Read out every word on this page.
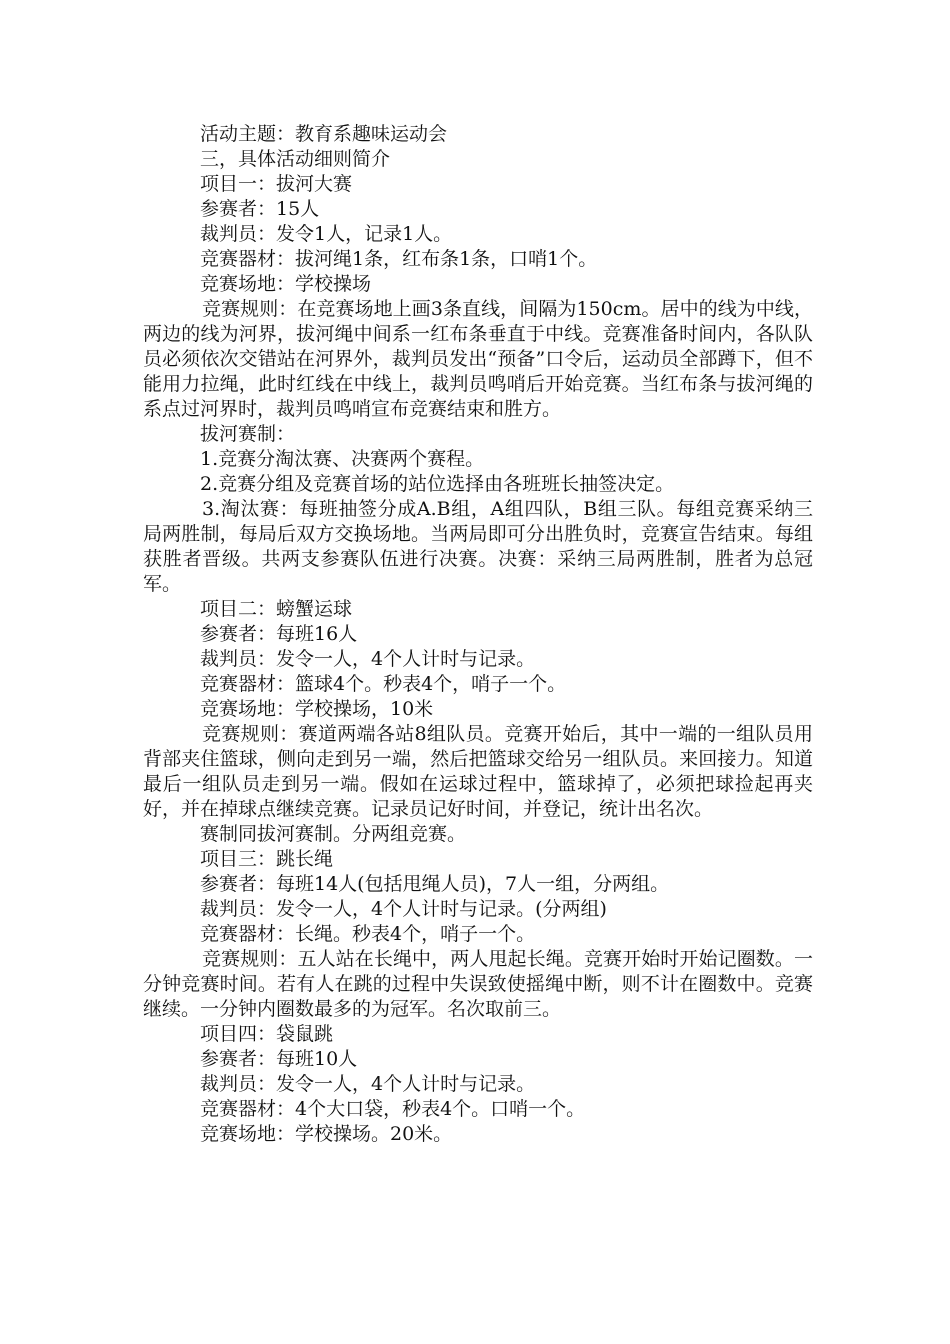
活动主题：教育系趣味运动会

三，具体活动细则简介

项目一：拔河大赛

参赛者：15人

裁判员：发令1人，记录1人。

竞赛器材：拔河绳1条，红布条1条，口哨1个。

竞赛场地：学校操场

竞赛规则：在竞赛场地上画3条直线，间隔为150cm。居中的线为中线，两边的线为河界，拔河绳中间系一红布条垂直于中线。竞赛准备时间内，各队队员必须依次交错站在河界外，裁判员发出“预备”口令后，运动员全部蹲下，但不能用力拉绳，此时红线在中线上，裁判员鸣哨后开始竞赛。当红布条与拔河绳的系点过河界时，裁判员鸣哨宣布竞赛结束和胜方。

拔河赛制：

1.竞赛分淘汰赛、决赛两个赛程。

2.竞赛分组及竞赛首场的站位选择由各班班长抽签决定。

3.淘汰赛：每班抽签分成A.B组，A组四队，B组三队。每组竞赛采纳三局两胜制，每局后双方交换场地。当两局即可分出胜负时，竞赛宣告结束。每组获胜者晋级。共两支参赛队伍进行决赛。决赛：采纳三局两胜制，胜者为总冠军。

项目二：螃蟹运球

参赛者：每班16人

裁判员：发令一人，4个人计时与记录。

竞赛器材：篮球4个。秒表4个，哨子一个。

竞赛场地：学校操场，10米

竞赛规则：赛道两端各站8组队员。竞赛开始后，其中一端的一组队员用背部夹住篮球，侧向走到另一端，然后把篮球交给另一组队员。来回接力。知道最后一组队员走到另一端。假如在运球过程中，篮球掉了，必须把球捡起再夹好，并在掉球点继续竞赛。记录员记好时间，并登记，统计出名次。

赛制同拔河赛制。分两组竞赛。

项目三：跳长绳

参赛者：每班14人(包括甩绳人员)，7人一组，分两组。

裁判员：发令一人，4个人计时与记录。(分两组)

竞赛器材：长绳。秒表4个，哨子一个。

竞赛规则：五人站在长绳中，两人甩起长绳。竞赛开始时开始记圈数。一分钟竞赛时间。若有人在跳的过程中失误致使摇绳中断，则不计在圈数中。竞赛继续。一分钟内圈数最多的为冠军。名次取前三。

项目四：袋鼠跳

参赛者：每班10人

裁判员：发令一人，4个人计时与记录。

竞赛器材：4个大口袋，秒表4个。口哨一个。

竞赛场地：学校操场。20米。
